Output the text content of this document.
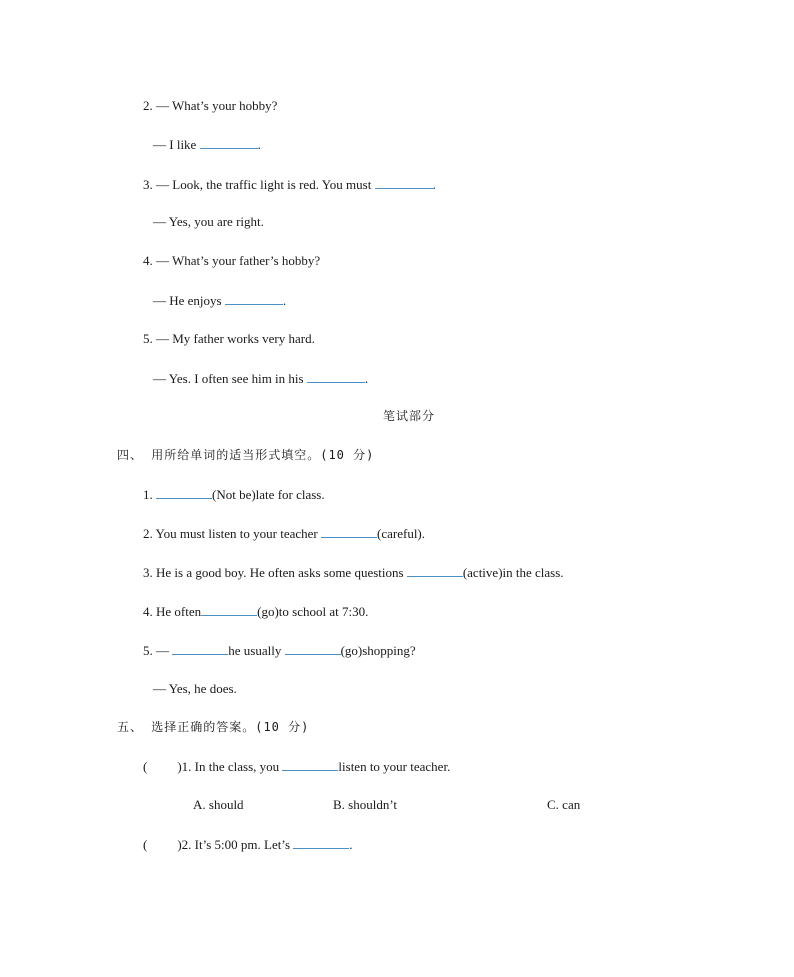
2. — What’s your hobby?
— I like	.
3. — Look, the traffic light is red. You must	.
— Yes, you are right.
4. — What’s your father’s hobby?
— He enjoys	.
5. — My father works very hard.
— Yes. I often see him in his	.
笔试部分
四、 用所给单词的适当形式填空。(10 分)
1.	(Not be)late for class.
2. You must listen to your teacher	(careful).
3. He is a good boy. He often asks some questions	(active)in the class.
4. He often	(go)to school at 7:30.
5. —	he usually	(go)shopping?
— Yes, he does.
五、 选择正确的答案。(10 分)
( )1. In the class, you	listen to your teacher.
A. should	B. shouldn’t	C. can
( )2. It’s 5:00 pm. Let’s	.
